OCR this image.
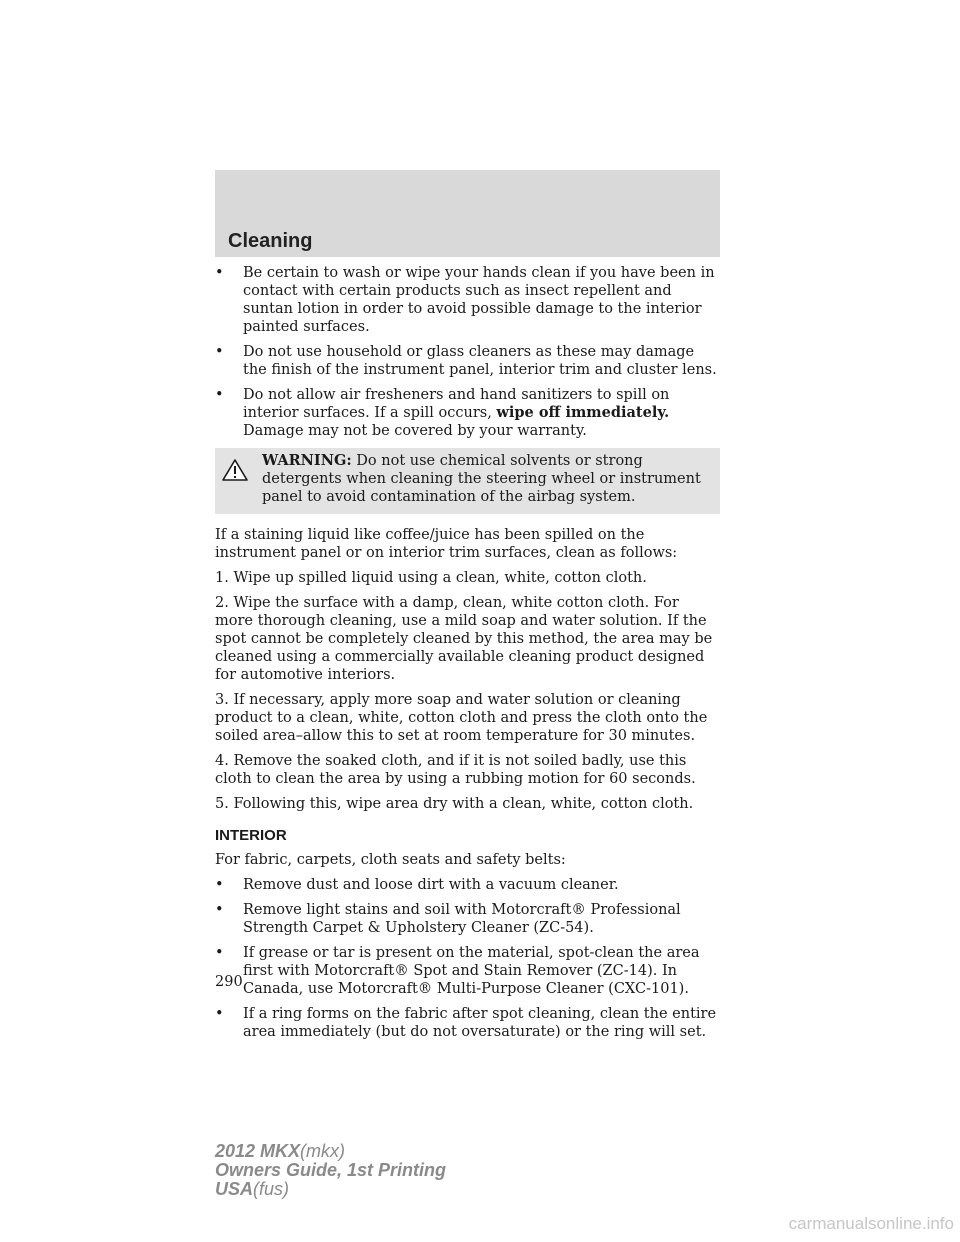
Cleaning
•	Be certain to wash or wipe your hands clean if you have been in contact with certain products such as insect repellent and suntan lotion in order to avoid possible damage to the interior painted surfaces.
•	Do not use household or glass cleaners as these may damage the finish of the instrument panel, interior trim and cluster lens.
•	Do not allow air fresheners and hand sanitizers to spill on interior surfaces. If a spill occurs, wipe off immediately. Damage may not be covered by your warranty.
WARNING: Do not use chemical solvents or strong detergents when cleaning the steering wheel or instrument panel to avoid contamination of the airbag system.

If a staining liquid like coffee/juice has been spilled on the instrument panel or on interior trim surfaces, clean as follows:

1. Wipe up spilled liquid using a clean, white, cotton cloth.

2. Wipe the surface with a damp, clean, white cotton cloth. For more thorough cleaning, use a mild soap and water solution. If the spot cannot be completely cleaned by this method, the area may be cleaned using a commercially available cleaning product designed for automotive interiors.

3. If necessary, apply more soap and water solution or cleaning product to a clean, white, cotton cloth and press the cloth onto the soiled area–allow this to set at room temperature for 30 minutes.

4. Remove the soaked cloth, and if it is not soiled badly, use this cloth to clean the area by using a rubbing motion for 60 seconds.

5. Following this, wipe area dry with a clean, white, cotton cloth.

INTERIOR

For fabric, carpets, cloth seats and safety belts:

•	Remove dust and loose dirt with a vacuum cleaner.
•	Remove light stains and soil with Motorcraft® Professional Strength Carpet & Upholstery Cleaner (ZC-54).
•	If grease or tar is present on the material, spot-clean the area first with Motorcraft® Spot and Stain Remover (ZC-14). In Canada, use Motorcraft® Multi-Purpose Cleaner (CXC-101).
•	If a ring forms on the fabric after spot cleaning, clean the entire area immediately (but do not oversaturate) or the ring will set.
290
2012 MKX(mkx)
Owners Guide, 1st Printing
USA(fus)
carmanualsonline.info
